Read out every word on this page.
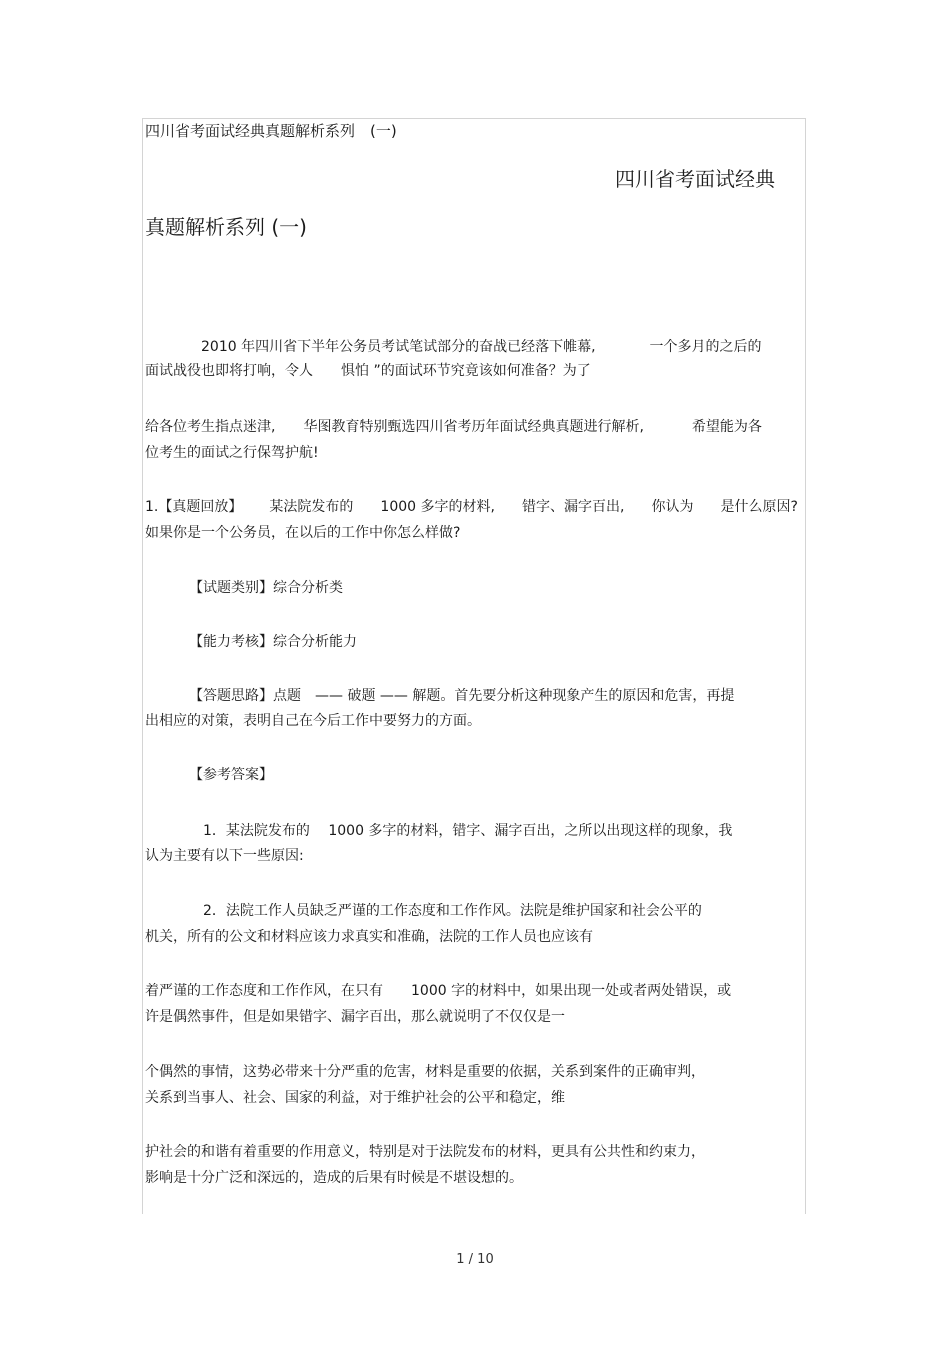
四川省考面试经典真题解析系列　(一)
四川省考面试经典
真题解析系列 (一)
2010 年四川省下半年公务员考试笔试部分的奋战已经落下帷幕,	一个多月的之后的
面试战役也即将打响，令人　　惧怕 ”的面试环节究竟该如何准备？为了
给各位考生指点迷津, 华图教育特别甄选四川省考历年面试经典真题进行解析,	希望能为各
位考生的面试之行保驾护航!
1.【真题回放】 某法院发布的 1000 多字的材料, 错字、漏字百出, 你认为 是什么原因?
如果你是一个公务员，在以后的工作中你怎么样做?
【试题类别】综合分析类
【能力考核】综合分析能力
【答题思路】点题　—— 破题 —— 解题。首先要分析这种现象产生的原因和危害，再提
出相应的对策，表明自己在今后工作中要努力的方面。
【参考答案】
1．某法院发布的　 1000 多字的材料，错字、漏字百出，之所以出现这样的现象，我
认为主要有以下一些原因:
2．法院工作人员缺乏严谨的工作态度和工作作风。法院是维护国家和社会公平的
机关，所有的公文和材料应该力求真实和准确，法院的工作人员也应该有
着严谨的工作态度和工作作风，在只有　　1000 字的材料中，如果出现一处或者两处错误，或
许是偶然事件，但是如果错字、漏字百出，那么就说明了不仅仅是一
个偶然的事情，这势必带来十分严重的危害，材料是重要的依据，关系到案件的正确审判，
关系到当事人、社会、国家的利益，对于维护社会的公平和稳定，维
护社会的和谐有着重要的作用意义，特别是对于法院发布的材料，更具有公共性和约束力，
影响是十分广泛和深远的，造成的后果有时候是不堪设想的。
1 / 10
